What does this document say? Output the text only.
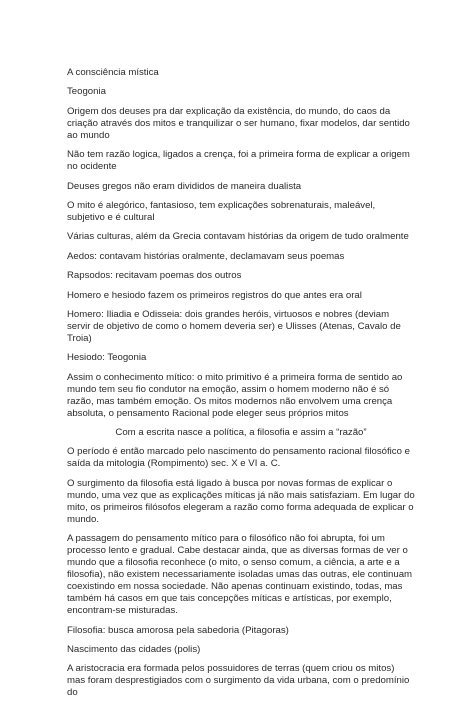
A consciência mística

Teogonia

Origem dos deuses pra dar explicação da existência, do mundo, do caos da criação através dos mitos e tranquilizar o ser humano, fixar modelos, dar sentido ao mundo

Não tem razão logica, ligados a crença, foi a primeira forma de explicar a origem no ocidente

Deuses gregos não eram divididos de maneira dualista

O mito é alegórico, fantasioso, tem explicações sobrenaturais, maleável, subjetivo e é cultural

Várias culturas, além da Grecia contavam histórias da origem de tudo oralmente

Aedos: contavam histórias oralmente, declamavam seus poemas

Rapsodos: recitavam poemas dos outros

Homero e hesiodo fazem os primeiros registros do que antes era oral

Homero: Iliadia e Odisseia: dois grandes heróis, virtuosos e nobres (deviam servir de objetivo de como o homem deveria ser) e Ulisses (Atenas, Cavalo de Troia)

Hesiodo: Teogonia

Assim o conhecimento mítico: o mito primitivo é a primeira forma de sentido ao mundo tem seu fio condutor na emoção, assim o homem moderno não é só razão, mas também emoção. Os mitos modernos não envolvem uma crença absoluta, o pensamento Racional pode eleger seus próprios mitos

Com a escrita nasce a política, a filosofia e assim a “razão”

O período é então marcado pelo nascimento do pensamento racional filosófico e saída da mitologia (Rompimento) sec. X e VI a. C.

O surgimento da filosofia está ligado à busca por novas formas de explicar o mundo, uma vez que as explicações míticas já não mais satisfaziam. Em lugar do mito, os primeiros filósofos elegeram a razão como forma adequada de explicar o mundo.

A passagem do pensamento mítico para o filosófico não foi abrupta, foi um processo lento e gradual. Cabe destacar ainda, que as diversas formas de ver o mundo que a filosofia reconhece (o mito, o senso comum, a ciência, a arte e a filosofia), não existem necessariamente isoladas umas das outras, ele continuam coexistindo em nossa sociedade. Não apenas continuam existindo, todas, mas também há casos em que tais concepções míticas e artísticas, por exemplo, encontram-se misturadas.

Filosofia: busca amorosa pela sabedoria (Pitagoras)

Nascimento das cidades (polis)

A aristocracia era formada pelos possuidores de terras (quem criou os mitos) mas foram desprestigiados com o surgimento da vida urbana, com o predomínio do
